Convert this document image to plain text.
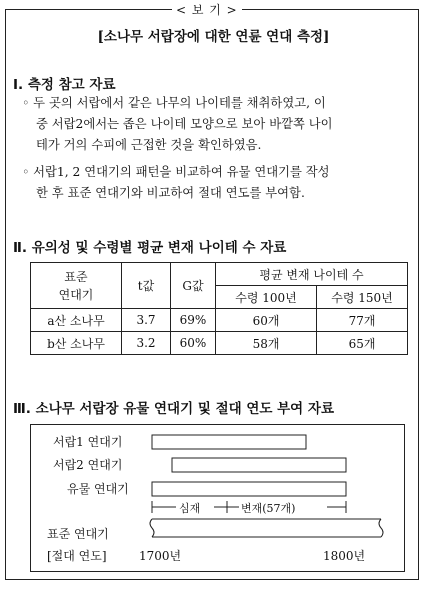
< 보 기 >
[소나무 서랍장에 대한 연륜 연대 측정]
Ⅰ. 측정 참고 자료
◦ 두 곳의 서랍에서 같은 나무의 나이테를 채취하였고, 이
중 서랍2에서는 좁은 나이테 모양으로 보아 바깥쪽 나이
테가 거의 수피에 근접한 것을 확인하였음.
◦ 서랍1, 2 연대기의 패턴을 비교하여 유물 연대기를 작성
한 후 표준 연대기와 비교하여 절대 연도를 부여함.
Ⅱ. 유의성 및 수령별 평균 변재 나이테 수 자료
표준
연대기	t값	G값	평균 변재 나이테 수	
			수령 100년	수령 150년
a산 소나무	3.7	69%	60개	77개
b산 소나무	3.2	60%	58개	65개
Ⅲ. 소나무 서랍장 유물 연대기 및 절대 연도 부여 자료
서랍1 연대기
서랍2 연대기
유물 연대기
표준 연대기
[절대 연도]	1700년	1800년
심재	변재(57개)
